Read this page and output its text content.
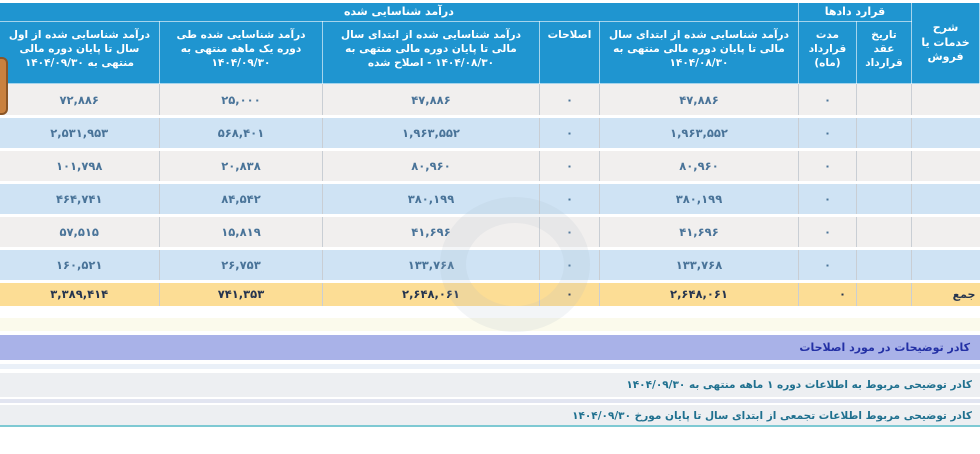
شرح خدمات یا فروش	قرارد دادها		درآمد شناسایی شده				
	تاریخ عقد قرارداد	مدت قرارداد (ماه)	درآمد شناسایی شده از ابتدای سال مالی تا پایان دوره مالی منتهی به ۱۴۰۴/۰۸/۳۰	اصلاحات	درآمد شناسایی شده از ابتدای سال مالی تا پایان دوره مالی منتهی به ۱۴۰۴/۰۸/۳۰ - اصلاح شده	درآمد شناسایی شده طی دوره یک ماهه منتهی به ۱۴۰۴/۰۹/۳۰	درآمد شناسایی شده از اول سال تا پایان دوره مالی منتهی به ۱۴۰۴/۰۹/۳۰
		۰	۴۷,۸۸۶	۰	۴۷,۸۸۶	۲۵,۰۰۰	۷۲,۸۸۶
		۰	۱,۹۶۳,۵۵۲	۰	۱,۹۶۳,۵۵۲	۵۶۸,۴۰۱	۲,۵۳۱,۹۵۳
		۰	۸۰,۹۶۰	۰	۸۰,۹۶۰	۲۰,۸۳۸	۱۰۱,۷۹۸
		۰	۳۸۰,۱۹۹	۰	۳۸۰,۱۹۹	۸۴,۵۴۲	۴۶۴,۷۴۱
		۰	۴۱,۶۹۶	۰	۴۱,۶۹۶	۱۵,۸۱۹	۵۷,۵۱۵
		۰	۱۳۳,۷۶۸	۰	۱۳۳,۷۶۸	۲۶,۷۵۳	۱۶۰,۵۲۱
جمع		۰	۲,۶۴۸,۰۶۱	۰	۲,۶۴۸,۰۶۱	۷۴۱,۳۵۳	۳,۳۸۹,۴۱۴
کادر توضیحات در مورد اصلاحات
کادر توضیحی مربوط به اطلاعات دوره ۱ ماهه منتهی به ۱۴۰۴/۰۹/۳۰
کادر توضیحی مربوط اطلاعات تجمعی از ابتدای سال تا پایان مورخ ۱۴۰۴/۰۹/۳۰
